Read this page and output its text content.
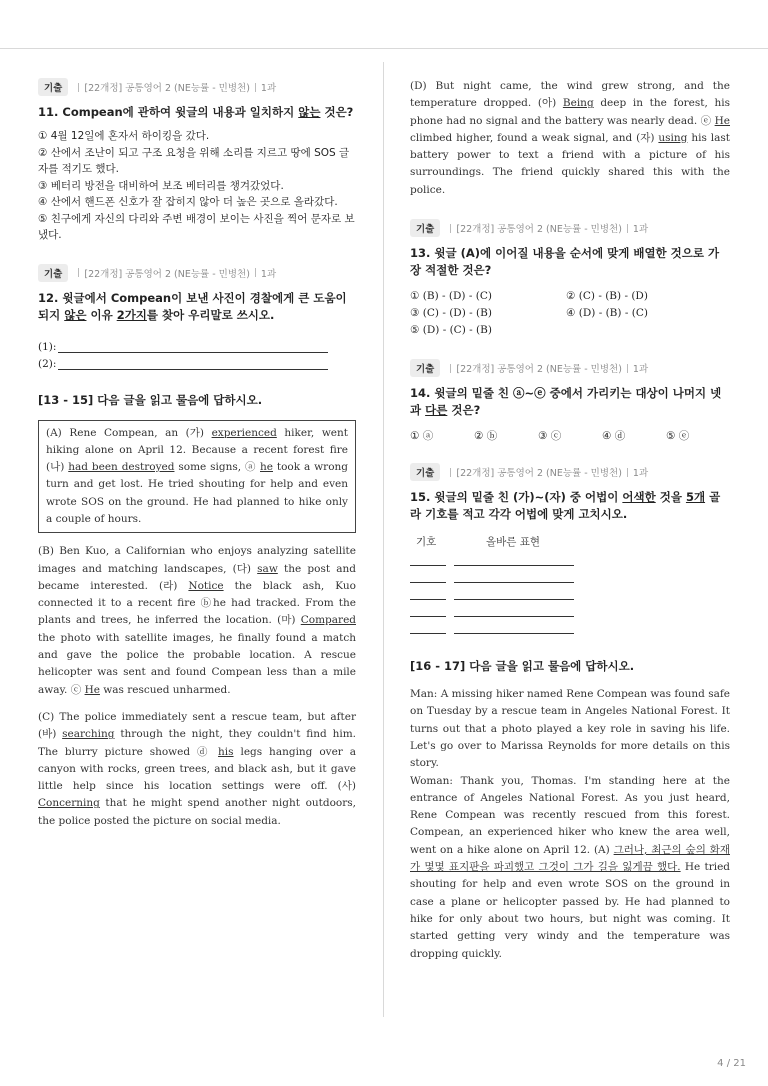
기출	[22개정] 공통영어 2 (NE능률 - 민병천) 1과
11. Compean에 관하여 윗글의 내용과 일치하지 않는 것은?
① 4월 12일에 혼자서 하이킹을 갔다.
② 산에서 조난이 되고 구조 요청을 위해 소리를 지르고 땅에 SOS 글자를 적기도 했다.
③ 베터리 방전을 대비하여 보조 베터리를 챙겨갔었다.
④ 산에서 핸드폰 신호가 잘 잡히지 않아 더 높은 곳으로 올라갔다.
⑤ 친구에게 자신의 다리와 주변 배경이 보이는 사진을 찍어 문자로 보냈다.
기출	[22개정] 공통영어 2 (NE능률 - 민병천) 1과
12. 윗글에서 Compean이 보낸 사진이 경찰에게 큰 도움이 되지 않은 이유 2가지를 찾아 우리말로 쓰시오.
(1):
(2):
[13 - 15] 다음 글을 읽고 물음에 답하시오.
(A) Rene Compean, an (가) experienced hiker, went hiking alone on April 12. Because a recent forest fire (나) had been destroyed some signs, ⓐ he took a wrong turn and get lost. He tried shouting for help and even wrote SOS on the ground. He had planned to hike only a couple of hours.
(B) Ben Kuo, a Californian who enjoys analyzing satellite images and matching landscapes, (다) saw the post and became interested. (라) Notice the black ash, Kuo connected it to a recent fire ⓑhe had tracked. From the plants and trees, he inferred the location. (마) Compared the photo with satellite images, he finally found a match and gave the police the probable location. A rescue helicopter was sent and found Compean less than a mile away. ⓒ He was rescued unharmed.
(C) The police immediately sent a rescue team, but after (바) searching through the night, they couldn't find him. The blurry picture showed ⓓ his legs hanging over a canyon with rocks, green trees, and black ash, but it gave little help since his location settings were off. (사) Concerning that he might spend another night outdoors, the police posted the picture on social media.
(D) But night came, the wind grew strong, and the temperature dropped. (아) Being deep in the forest, his phone had no signal and the battery was nearly dead. ⓔ He climbed higher, found a weak signal, and (자) using his last battery power to text a friend with a picture of his surroundings. The friend quickly shared this with the police.
기출	[22개정] 공통영어 2 (NE능률 - 민병천) 1과
13. 윗글 (A)에 이어질 내용을 순서에 맞게 배열한 것으로 가장 적절한 것은?
① (B) - (D) - (C)	② (C) - (B) - (D)
③ (C) - (D) - (B)	④ (D) - (B) - (C)
⑤ (D) - (C) - (B)
기출	[22개정] 공통영어 2 (NE능률 - 민병천) 1과
14. 윗글의 밑줄 친 ⓐ~ⓔ 중에서 가리키는 대상이 나머지 넷과 다른 것은?
① ⓐ	② ⓑ	③ ⓒ	④ ⓓ	⑤ ⓔ
기출	[22개정] 공통영어 2 (NE능률 - 민병천) 1과
15. 윗글의 밑줄 친 (가)~(자) 중 어법이 어색한 것을 5개 골라 기호를 적고 각각 어법에 맞게 고치시오.
기호	올바른 표현
[16 - 17] 다음 글을 읽고 물음에 답하시오.
Man: A missing hiker named Rene Compean was found safe on Tuesday by a rescue team in Angeles National Forest. It turns out that a photo played a key role in saving his life. Let's go over to Marissa Reynolds for more details on this story.
Woman: Thank you, Thomas. I'm standing here at the entrance of Angeles National Forest. As you just heard, Rene Compean was recently rescued from this forest. Compean, an experienced hiker who knew the area well, went on a hike alone on April 12. (A) 그러나, 최근의 숲의 화재가 몇몇 표지판을 파괴했고 그것이 그가 길을 잃게끔 했다. He tried shouting for help and even wrote SOS on the ground in case a plane or helicopter passed by. He had planned to hike for only about two hours, but night was coming. It started getting very windy and the temperature was dropping quickly.
4 / 21
